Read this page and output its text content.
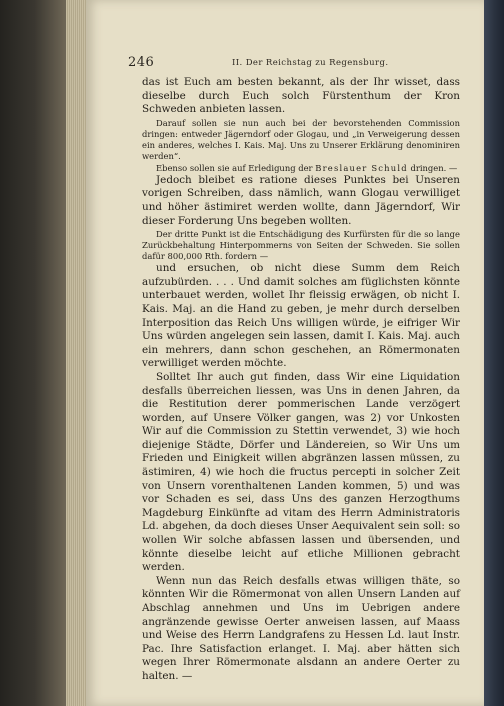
246	II. Der Reichstag zu Regensburg.

das ist Euch am besten bekannt, als der Ihr wisset, dass dieselbe durch Euch solch Fürstenthum der Kron Schweden anbieten lassen.

Darauf sollen sie nun auch bei der bevorstehenden Commission dringen: entweder Jägerndorf oder Glogau, und „in Verweigerung dessen ein anderes, welches I. Kais. Maj. Uns zu Unserer Erklärung denominiren werden“.

Ebenso sollen sie auf Erledigung der Breslauer Schuld dringen. —

Jedoch bleibet es ratione dieses Punktes bei Unseren vorigen Schreiben, dass nämlich, wann Glogau verwilliget und höher ästimiret werden wollte, dann Jägerndorf, Wir dieser Forderung Uns begeben wollten.

Der dritte Punkt ist die Entschädigung des Kurfürsten für die so lange Zurückbehaltung Hinterpommerns von Seiten der Schweden. Sie sollen dafür 800,000 Rth. fordern —

und ersuchen, ob nicht diese Summ dem Reich aufzubürden. . . . Und damit solches am füglichsten könnte unterbauet werden, wollet Ihr fleissig erwägen, ob nicht I. Kais. Maj. an die Hand zu geben, je mehr durch derselben Interposition das Reich Uns willigen würde, je eifriger Wir Uns würden angelegen sein lassen, damit I. Kais. Maj. auch ein mehrers, dann schon geschehen, an Römermonaten verwilliget werden möchte.

Solltet Ihr auch gut finden, dass Wir eine Liquidation desfalls überreichen liessen, was Uns in denen Jahren, da die Restitution derer pommerischen Lande verzögert worden, auf Unsere Völker gangen, was 2) vor Unkosten Wir auf die Commission zu Stettin verwendet, 3) wie hoch diejenige Städte, Dörfer und Ländereien, so Wir Uns um Frieden und Einigkeit willen abgränzen lassen müssen, zu ästimiren, 4) wie hoch die fructus percepti in solcher Zeit von Unsern vorenthaltenen Landen kommen, 5) und was vor Schaden es sei, dass Uns des ganzen Herzogthums Magdeburg Einkünfte ad vitam des Herrn Administratoris Ld. abgehen, da doch dieses Unser Aequivalent sein soll: so wollen Wir solche abfassen lassen und übersenden, und könnte dieselbe leicht auf etliche Millionen gebracht werden.

Wenn nun das Reich desfalls etwas willigen thäte, so könnten Wir die Römermonat von allen Unsern Landen auf Abschlag annehmen und Uns im Uebrigen andere angränzende gewisse Oerter anweisen lassen, auf Maass und Weise des Herrn Landgrafens zu Hessen Ld. laut Instr. Pac. Ihre Satisfaction erlanget. I. Maj. aber hätten sich wegen Ihrer Römermonate alsdann an andere Oerter zu halten. —
